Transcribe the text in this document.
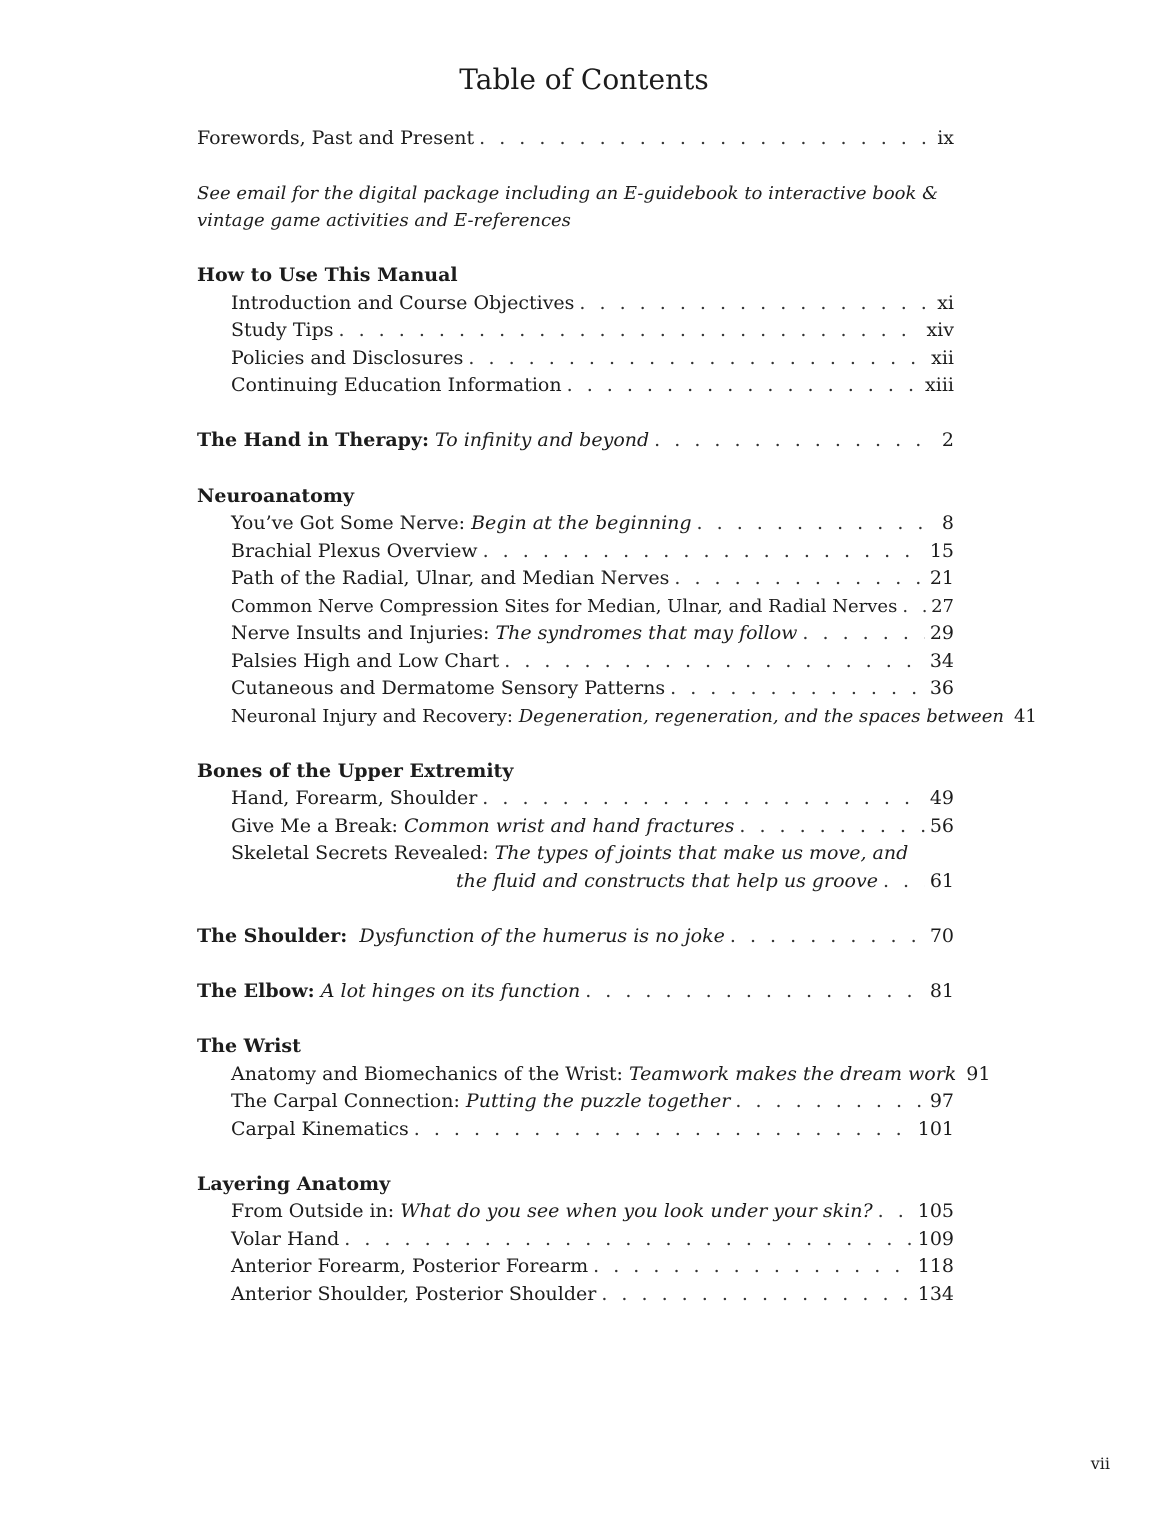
Table of Contents
Forewords, Past and Present . . .	ix
See email for the digital package including an E-guidebook to interactive book & vintage game activities and E-references
How to Use This Manual
Introduction and Course Objectives . . .	xi
Study Tips . . .	xiv
Policies and Disclosures . . .	xii
Continuing Education Information . . .	xiii
The Hand in Therapy: To infinity and beyond . . .	2
Neuroanatomy
You’ve Got Some Nerve: Begin at the beginning . . .	8
Brachial Plexus Overview . . .	15
Path of the Radial, Ulnar, and Median Nerves . . .	21
Common Nerve Compression Sites for Median, Ulnar, and Radial Nerves . . . 27
Nerve Insults and Injuries: The syndromes that may follow . . .	29
Palsies High and Low Chart . . .	34
Cutaneous and Dermatome Sensory Patterns . . .	36
Neuronal Injury and Recovery: Degeneration, regeneration, and the spaces between 41
Bones of the Upper Extremity
Hand, Forearm, Shoulder . . .	49
Give Me a Break: Common wrist and hand fractures . . .	56
Skeletal Secrets Revealed: The types of joints that make us move, and
the fluid and constructs that help us groove . . .	61
The Shoulder: Dysfunction of the humerus is no joke . . .	70
The Elbow: A lot hinges on its function . . .	81
The Wrist
Anatomy and Biomechanics of the Wrist: Teamwork makes the dream work 91
The Carpal Connection: Putting the puzzle together . . .	97
Carpal Kinematics . . .	101
Layering Anatomy
From Outside in: What do you see when you look under your skin? . . . 105
Volar Hand . . .	109
Anterior Forearm, Posterior Forearm . . .	118
Anterior Shoulder, Posterior Shoulder . . .	134
vii
